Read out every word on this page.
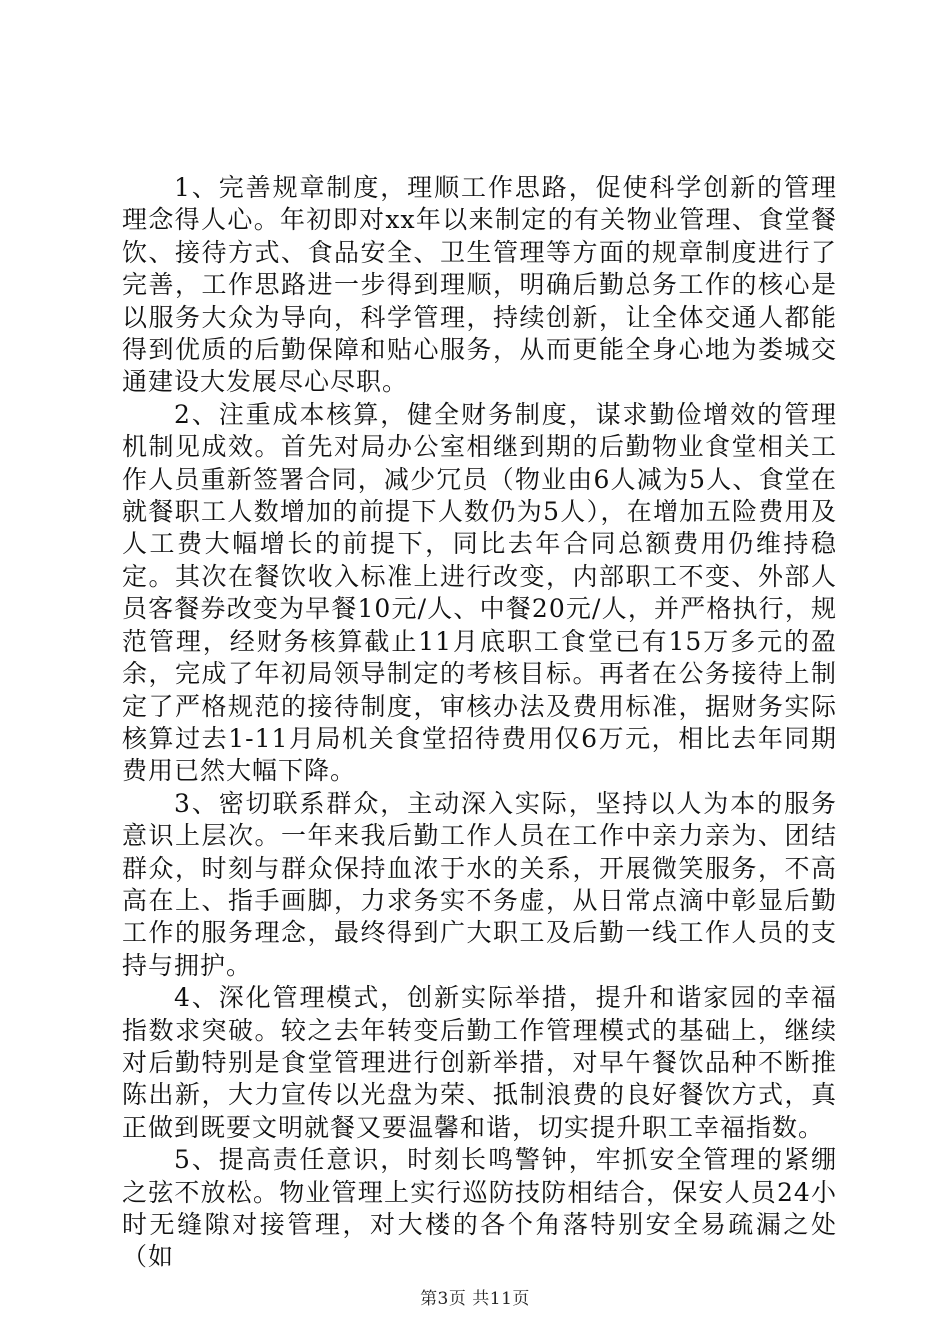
1、完善规章制度，理顺工作思路，促使科学创新的管理理念得人心。年初即对xx年以来制定的有关物业管理、食堂餐饮、接待方式、食品安全、卫生管理等方面的规章制度进行了完善，工作思路进一步得到理顺，明确后勤总务工作的核心是以服务大众为导向，科学管理，持续创新，让全体交通人都能得到优质的后勤保障和贴心服务，从而更能全身心地为娄城交通建设大发展尽心尽职。

2、注重成本核算，健全财务制度，谋求勤俭增效的管理机制见成效。首先对局办公室相继到期的后勤物业食堂相关工作人员重新签署合同，减少冗员（物业由6人减为5人、食堂在就餐职工人数增加的前提下人数仍为5人），在增加五险费用及人工费大幅增长的前提下，同比去年合同总额费用仍维持稳定。其次在餐饮收入标准上进行改变，内部职工不变、外部人员客餐券改变为早餐10元/人、中餐20元/人，并严格执行，规范管理，经财务核算截止11月底职工食堂已有15万多元的盈余，完成了年初局领导制定的考核目标。再者在公务接待上制定了严格规范的接待制度，审核办法及费用标准，据财务实际核算过去1-11月局机关食堂招待费用仅6万元，相比去年同期费用已然大幅下降。

3、密切联系群众，主动深入实际，坚持以人为本的服务意识上层次。一年来我后勤工作人员在工作中亲力亲为、团结群众，时刻与群众保持血浓于水的关系，开展微笑服务，不高高在上、指手画脚，力求务实不务虚，从日常点滴中彰显后勤工作的服务理念，最终得到广大职工及后勤一线工作人员的支持与拥护。

4、深化管理模式，创新实际举措，提升和谐家园的幸福指数求突破。较之去年转变后勤工作管理模式的基础上，继续对后勤特别是食堂管理进行创新举措，对早午餐饮品种不断推陈出新，大力宣传以光盘为荣、抵制浪费的良好餐饮方式，真正做到既要文明就餐又要温馨和谐，切实提升职工幸福指数。

5、提高责任意识，时刻长鸣警钟，牢抓安全管理的紧绷之弦不放松。物业管理上实行巡防技防相结合，保安人员24小时无缝隙对接管理，对大楼的各个角落特别安全易疏漏之处（如

第3页 共11页
